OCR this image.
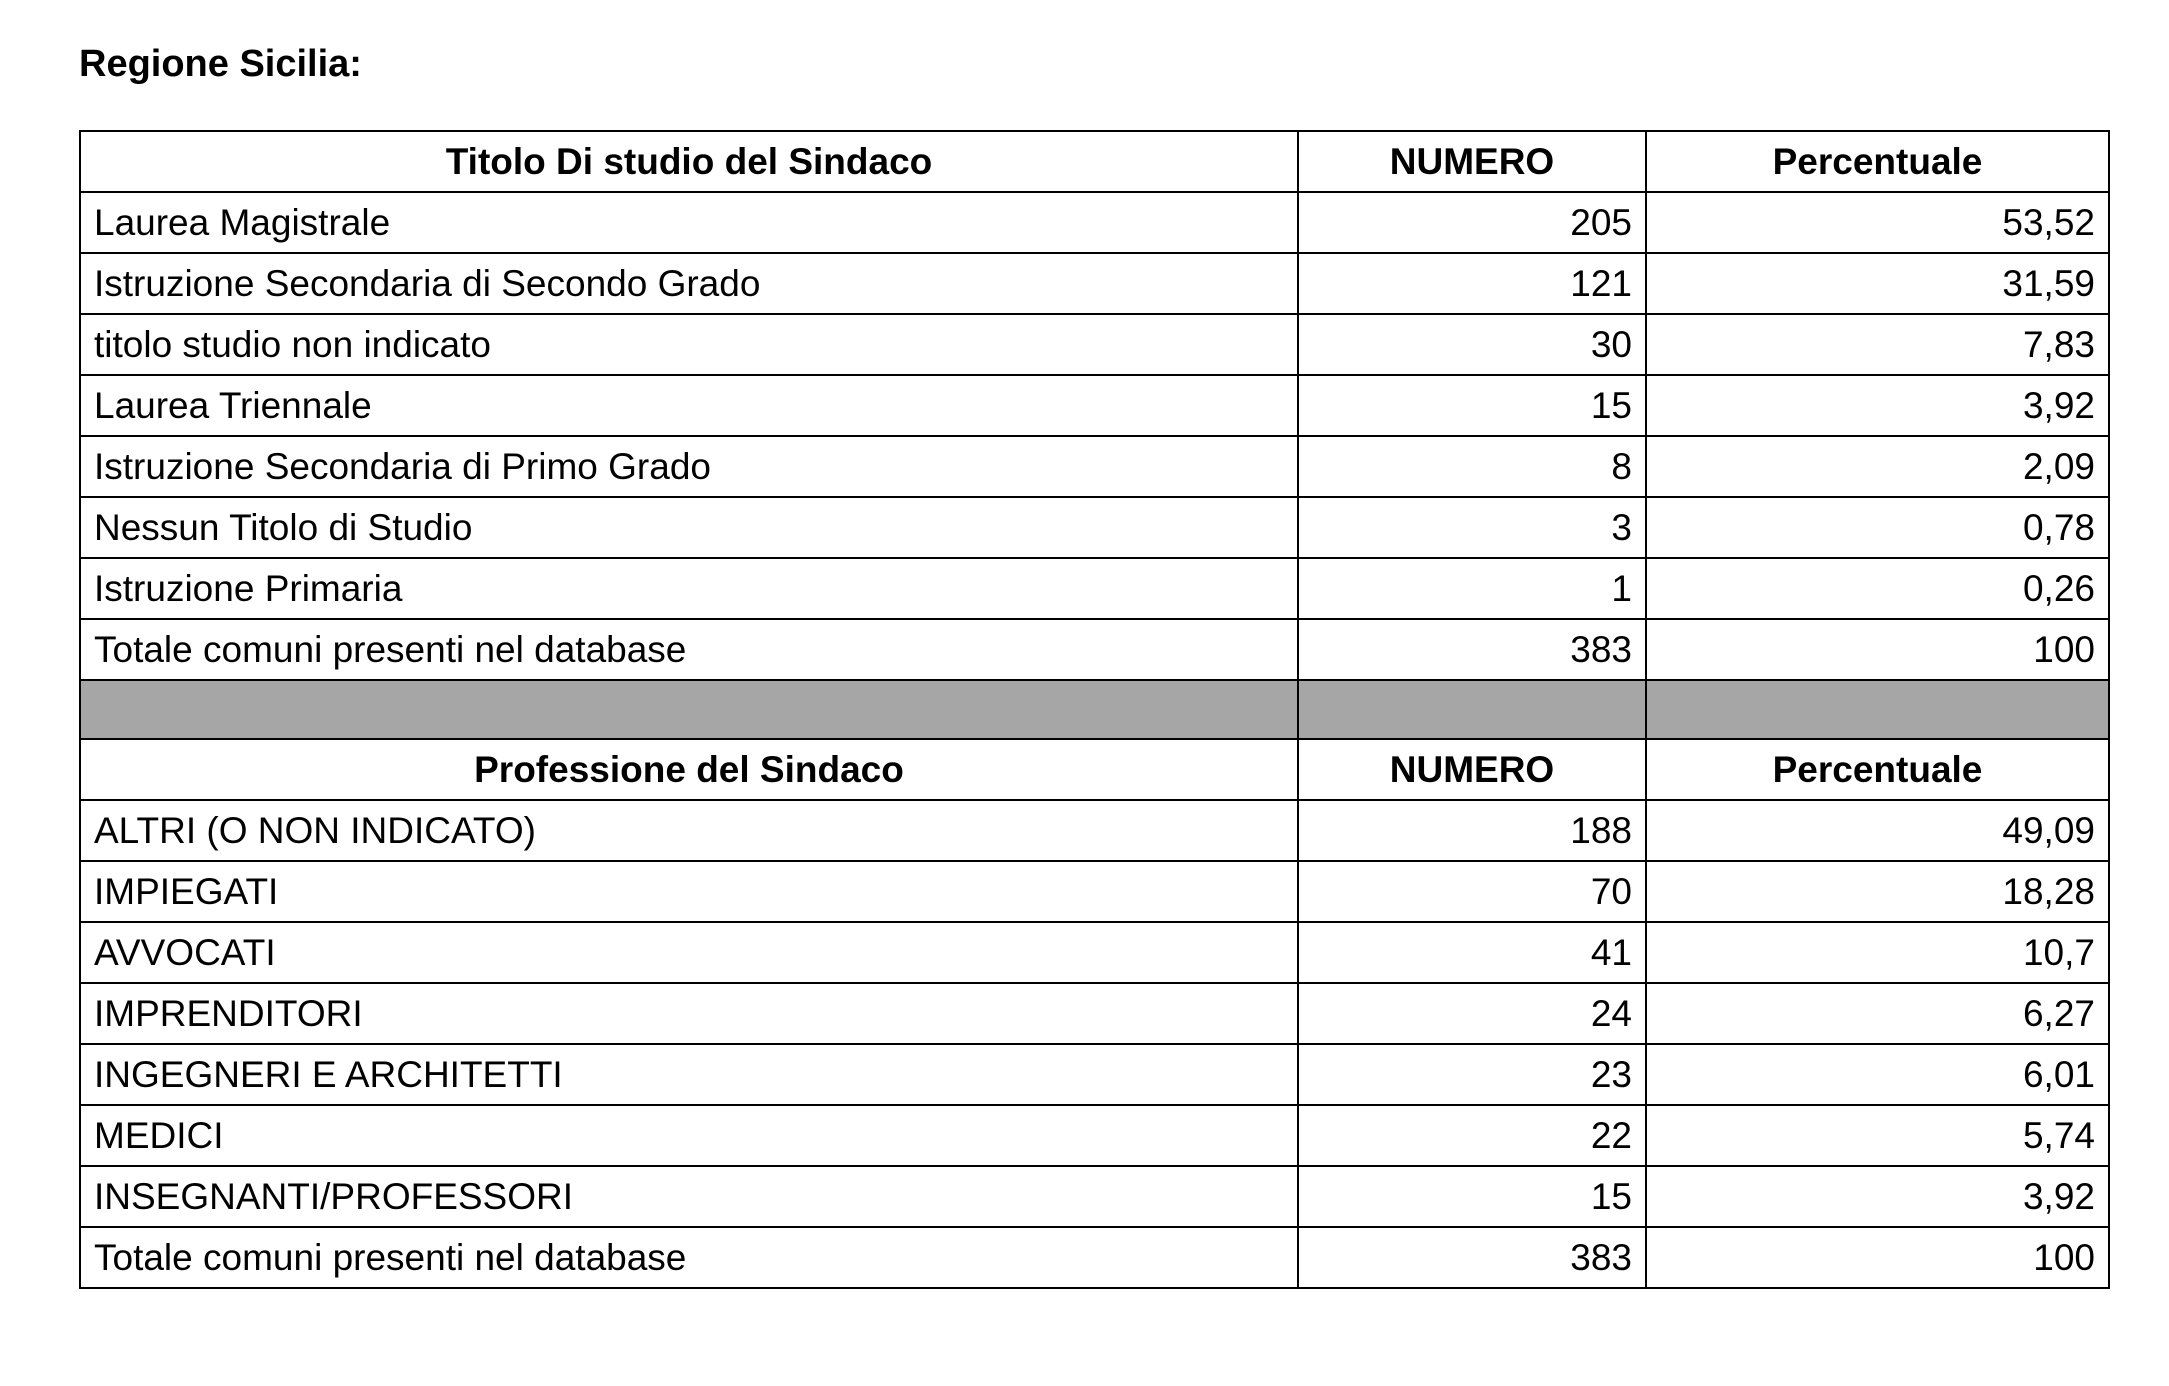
Regione Sicilia:
Titolo Di studio del Sindaco	NUMERO	Percentuale
Laurea Magistrale	205	53,52
Istruzione Secondaria di Secondo Grado	121	31,59
titolo studio non indicato	30	7,83
Laurea Triennale	15	3,92
Istruzione Secondaria di Primo Grado	8	2,09
Nessun Titolo di Studio	3	0,78
Istruzione Primaria	1	0,26
Totale comuni presenti nel database	383	100

Professione del Sindaco	NUMERO	Percentuale
ALTRI (O NON INDICATO)	188	49,09
IMPIEGATI	70	18,28
AVVOCATI	41	10,7
IMPRENDITORI	24	6,27
INGEGNERI E ARCHITETTI	23	6,01
MEDICI	22	5,74
INSEGNANTI/PROFESSORI	15	3,92
Totale comuni presenti nel database	383	100
